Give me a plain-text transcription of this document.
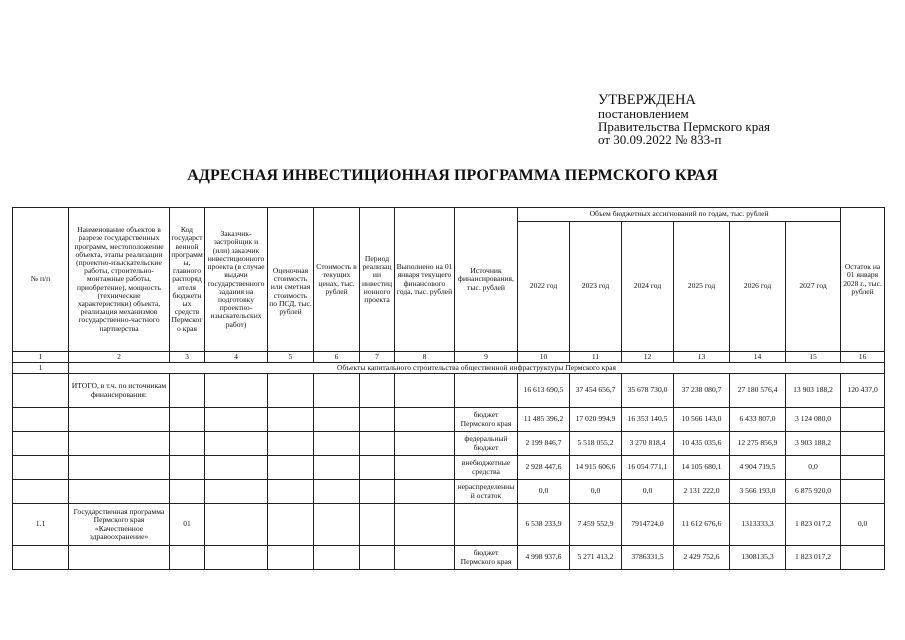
УТВЕРЖДЕНА
постановлением
Правительства Пермского края
от 30.09.2022 № 833-п
АДРЕСНАЯ ИНВЕСТИЦИОННАЯ ПРОГРАММА ПЕРМСКОГО КРАЯ
№ п/п	Наименование объектов в разрезе государственных программ, местоположение объекта, этапы реализации (проектно-изыскательские работы, строительно-монтажные работы, приобретение), мощность (технические характеристики) объекта, реализация механизмов государственно-частного партнерства	Код государственной программы, главного распорядителя бюджетных средств Пермского края	Заказчик-застройщик и (или) заказчик инвестиционного проекта (в случае выдачи государственного задания на подготовку проектно-изыскательских работ)	Оценочная стоимость или сметная стоимость по ПСД, тыс. рублей	Стоимость в текущих ценах, тыс. рублей	Период реализации инвестиционного проекта	Выполнено на 01 января текущего финансового года, тыс. рублей	Источник финансирования, тыс. рублей	Объем бюджетных ассигнований по годам, тыс. рублей						Остаток на 01 января 2028 г., тыс. рублей
									2022 год	2023 год	2024 год	2025 год	2026 год	2027 год	
1	2	3	4	5	6	7	8	9	10	11	12	13	14	15	16
1	Объекты капитального строительства общественной инфраструктуры Пермского края														
	ИТОГО, в т.ч. по источникам финансирования:								16 613 690,5	37 454 656,7	35 678 730,0	37 238 080,7	27 180 576,4	13 903 188,2	120 437,0
								бюджет Пермского края	11 485 396,2	17 020 994,9	16 353 140,5	10 566 143,0	6 433 807,0	3 124 080,0	
								федеральный бюджет	2 199 846,7	5 518 055,2	3 270 818,4	10 435 035,6	12 275 856,9	3 903 188,2	
								внебюджетные средства	2 928 447,6	14 915 606,6	16 054 771,1	14 105 680,1	4 904 719,5	0,0	
								нераспределенный остаток	0,0	0,0	0,0	2 131 222,0	3 566 193,0	6 875 920,0	
1.1	Государственная программа Пермского края «Качественное здравоохранение»	01							6 538 233,9	7 459 552,9	7914724,0	11 612 676,6	1313333,3	1 823 017,2	0,0
								бюджет Пермского края	4 998 937,6	5 271 413,2	3786331,5	2 429 752,6	1308135,3	1 823 017,2	
